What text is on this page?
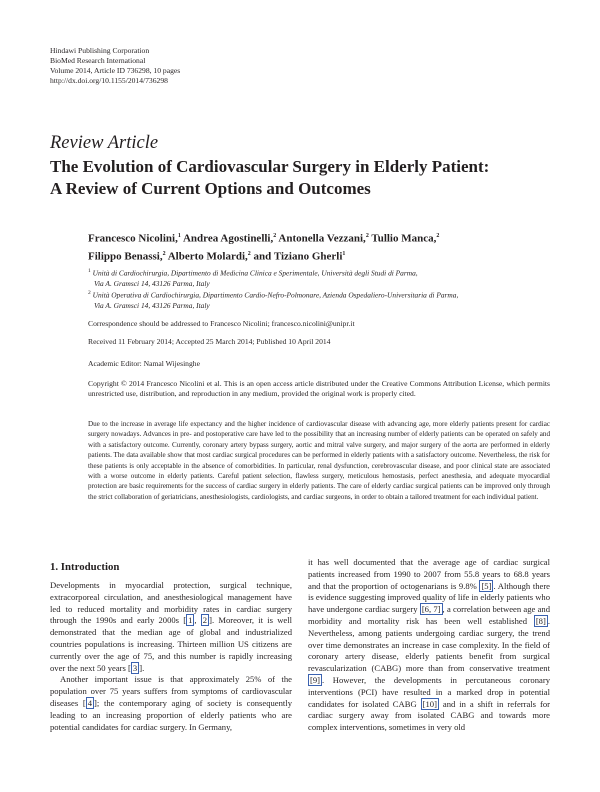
Hindawi Publishing Corporation
BioMed Research International
Volume 2014, Article ID 736298, 10 pages
http://dx.doi.org/10.1155/2014/736298
Review Article
The Evolution of Cardiovascular Surgery in Elderly Patient:
A Review of Current Options and Outcomes
Francesco Nicolini,$^1$ Andrea Agostinelli,$^2$ Antonella Vezzani,$^2$ Tullio Manca,$^2$
Filippo Benassi,$^2$ Alberto Molardi,$^2$ and Tiziano Gherli$^1$
$^1$ Unità di Cardiochirurgia, Dipartimento di Medicina Clinica e Sperimentale, Università degli Studi di Parma,
Via A. Gramsci 14, 43126 Parma, Italy
$^2$ Unità Operativa di Cardiochirurgia, Dipartimento Cardio-Nefro-Polmonare, Azienda Ospedaliero-Universitaria di Parma,
Via A. Gramsci 14, 43126 Parma, Italy
Correspondence should be addressed to Francesco Nicolini; francesco.nicolini@unipr.it
Received 11 February 2014; Accepted 25 March 2014; Published 10 April 2014
Academic Editor: Namal Wijesinghe
Copyright © 2014 Francesco Nicolini et al. This is an open access article distributed under the Creative Commons Attribution License, which permits unrestricted use, distribution, and reproduction in any medium, provided the original work is properly cited.
Due to the increase in average life expectancy and the higher incidence of cardiovascular disease with advancing age, more elderly patients present for cardiac surgery nowadays. Advances in pre- and postoperative care have led to the possibility that an increasing number of elderly patients can be operated on safely and with a satisfactory outcome. Currently, coronary artery bypass surgery, aortic and mitral valve surgery, and major surgery of the aorta are performed in elderly patients. The data available show that most cardiac surgical procedures can be performed in elderly patients with a satisfactory outcome. Nevertheless, the risk for these patients is only acceptable in the absence of comorbidities. In particular, renal dysfunction, cerebrovascular disease, and poor clinical state are associated with a worse outcome in elderly patients. Careful patient selection, flawless surgery, meticulous hemostasis, perfect anesthesia, and adequate myocardial protection are basic requirements for the success of cardiac surgery in elderly patients. The care of elderly cardiac surgical patients can be improved only through the strict collaboration of geriatricians, anesthesiologists, cardiologists, and cardiac surgeons, in order to obtain a tailored treatment for each individual patient.
1. Introduction

Developments in myocardial protection, surgical technique, extracorporeal circulation, and anesthesiological management have led to reduced mortality and morbidity rates in cardiac surgery through the 1990s and early 2000s [ 1 , 2 ]. Moreover, it is well demonstrated that the median age of global and industrialized countries populations is increasing. Thirteen million US citizens are currently over the age of 75, and this number is rapidly increasing over the next 50 years [ 3 ].

Another important issue is that approximately 25% of the population over 75 years suffers from symptoms of cardiovascular diseases [ 4 ]; the contemporary aging of society is consequently leading to an increasing proportion of elderly patients who are potential candidates for cardiac surgery. In Germany,

it has well documented that the average age of cardiac surgical patients increased from 1990 to 2007 from 55.8 years to 68.8 years and that the proportion of octogenarians is 9.8% [5] . Although there is evidence suggesting improved quality of life in elderly patients who have undergone cardiac surgery [6, 7] , a correlation between age and morbidity and mortality risk has been well established [8] . Nevertheless, among patients undergoing cardiac surgery, the trend over time demonstrates an increase in case complexity. In the field of coronary artery disease, elderly patients benefit from surgical revascularization (CABG) more than from conservative treatment [9] . However, the developments in percutaneous coronary interventions (PCI) have resulted in a marked drop in potential candidates for isolated CABG [10] and in a shift in referrals for cardiac surgery away from isolated CABG and towards more complex interventions, sometimes in very old
